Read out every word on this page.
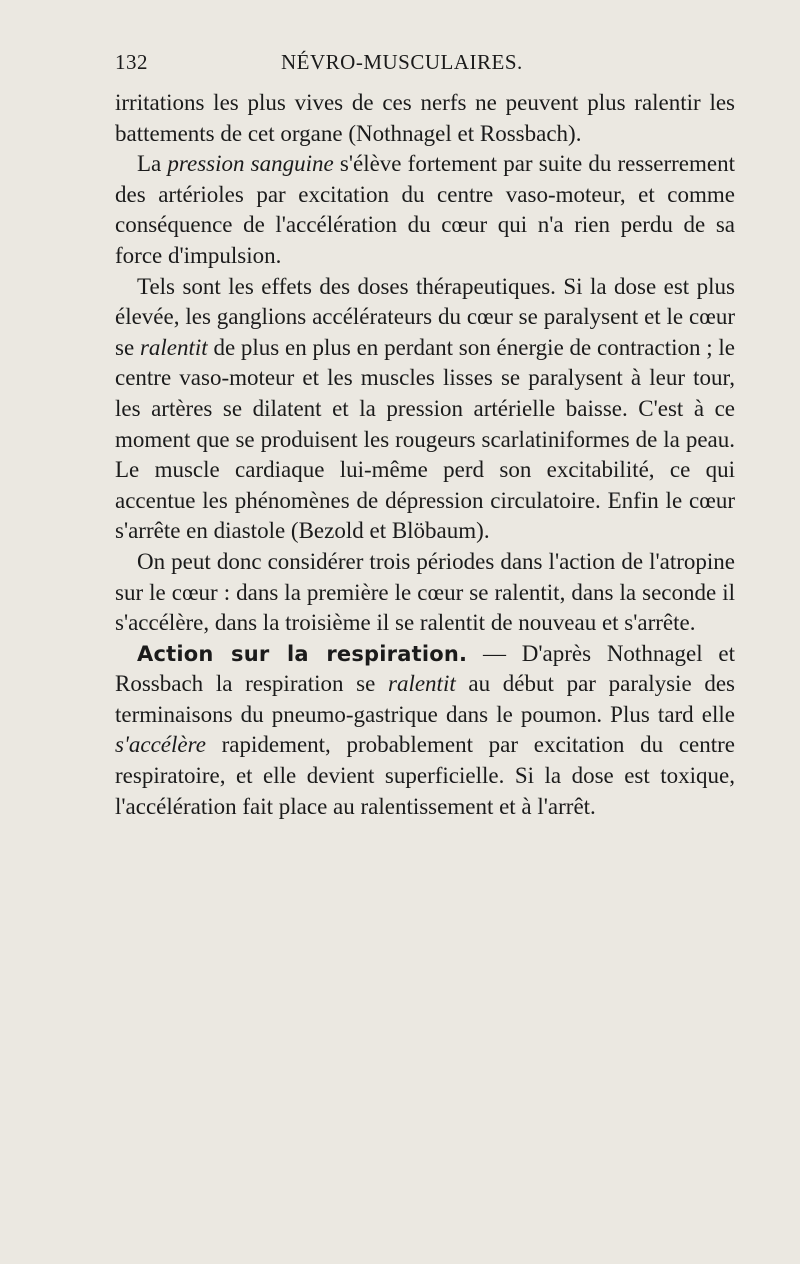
132	NÉVRO-MUSCULAIRES.

irritations les plus vives de ces nerfs ne peuvent plus ralentir les battements de cet organe (Nothnagel et Rossbach).

La pression sanguine s'élève fortement par suite du resserrement des artérioles par excitation du centre vaso-moteur, et comme conséquence de l'accélération du cœur qui n'a rien perdu de sa force d'impulsion.

Tels sont les effets des doses thérapeutiques. Si la dose est plus élevée, les ganglions accélérateurs du cœur se paralysent et le cœur se ralentit de plus en plus en perdant son énergie de contraction ; le centre vaso-moteur et les muscles lisses se paralysent à leur tour, les artères se dilatent et la pression artérielle baisse. C'est à ce moment que se produisent les rougeurs scarlatiniformes de la peau. Le muscle cardiaque lui-même perd son excitabilité, ce qui accentue les phénomènes de dépression circulatoire. Enfin le cœur s'arrête en diastole (Bezold et Blöbaum).

On peut donc considérer trois périodes dans l'action de l'atropine sur le cœur : dans la première le cœur se ralentit, dans la seconde il s'accélère, dans la troisième il se ralentit de nouveau et s'arrête.

Action sur la respiration. — D'après Nothnagel et Rossbach la respiration se ralentit au début par paralysie des terminaisons du pneumo-gastrique dans le poumon. Plus tard elle s'accélère rapidement, probablement par excitation du centre respiratoire, et elle devient superficielle. Si la dose est toxique, l'accélération fait place au ralentissement et à l'arrêt.
